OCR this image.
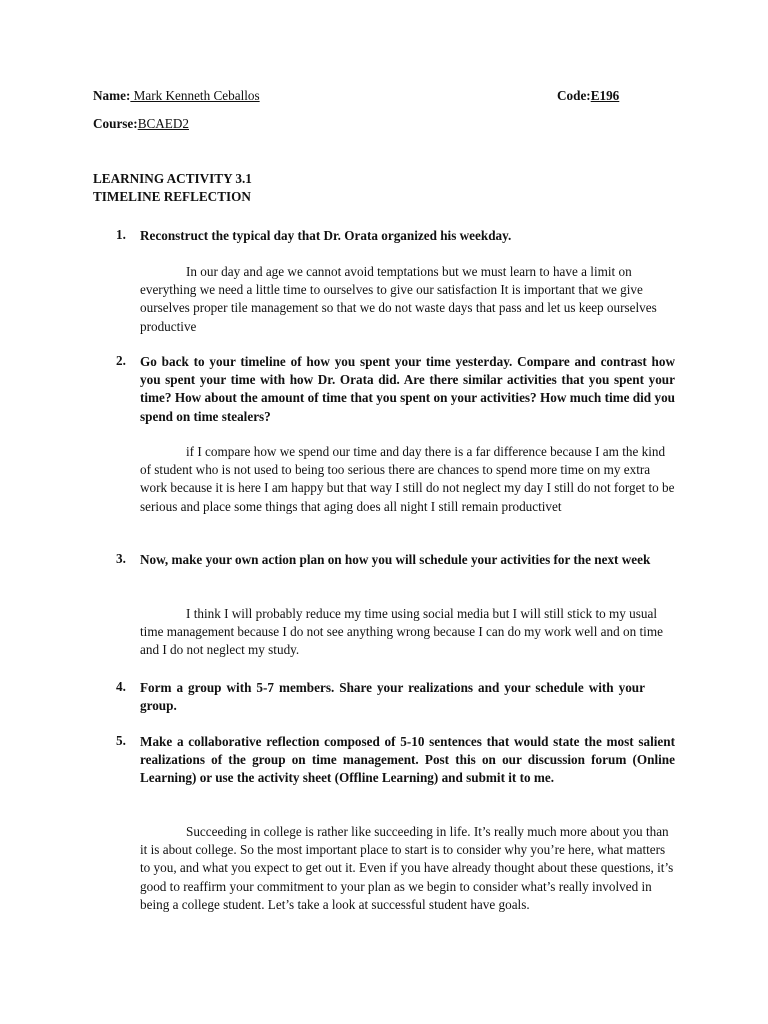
Name: Mark Kenneth Ceballos	Code:E196
Course:BCAED2
LEARNING ACTIVITY 3.1
TIMELINE REFLECTION
1. Reconstruct the typical day that Dr. Orata organized his weekday.
In our day and age we cannot avoid temptations but we must learn to have a limit on everything we need a little time to ourselves to give our satisfaction It is important that we give ourselves proper tile management so that we do not waste days that pass and let us keep ourselves productive
2. Go back to your timeline of how you spent your time yesterday. Compare and contrast how you spent your time with how Dr. Orata did. Are there similar activities that you spent your time? How about the amount of time that you spent on your activities? How much time did you spend on time stealers?
if I compare how we spend our time and day there is a far difference because I am the kind of student who is not used to being too serious there are chances to spend more time on my extra work because it is here I am happy but that way I still do not neglect my day I still do not forget to be serious and place some things that aging does all night I still remain productivet
3. Now, make your own action plan on how you will schedule your activities for the next week
I think I will probably reduce my time using social media but I will still stick to my usual time management because I do not see anything wrong because I can do my work well and on time and I do not neglect my study.
4. Form a group with 5-7 members. Share your realizations and your schedule with your group.
5. Make a collaborative reflection composed of 5-10 sentences that would state the most salient realizations of the group on time management. Post this on our discussion forum (Online Learning) or use the activity sheet (Offline Learning) and submit it to me.
Succeeding in college is rather like succeeding in life. It’s really much more about you than it is about college. So the most important place to start is to consider why you’re here, what matters to you, and what you expect to get out it. Even if you have already thought about these questions, it’s good to reaffirm your commitment to your plan as we begin to consider what’s really involved in being a college student. Let’s take a look at successful student have goals.
